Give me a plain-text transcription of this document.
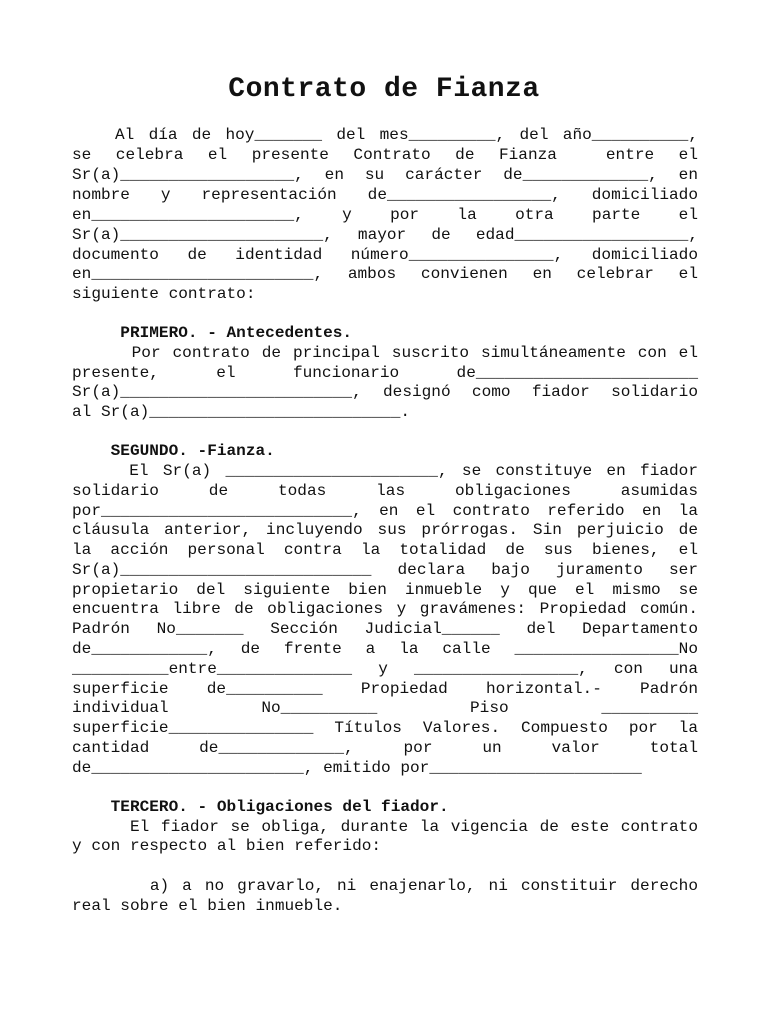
Contrato de Fianza

Al día de hoy_______ del mes_________, del año__________,

se celebra el presente Contrato de Fianza  entre el

Sr(a)__________________, en su carácter de_____________, en

nombre y representación de_________________, domiciliado

en_____________________, y por la otra parte el

Sr(a)_____________________, mayor de edad__________________,

documento de identidad número_______________, domiciliado

en_______________________, ambos convienen en celebrar el

siguiente contrato:

PRIMERO. - Antecedentes.

Por contrato de principal suscrito simultáneamente con el

presente, el funcionario de_______________________

Sr(a)________________________, designó como fiador solidario

al Sr(a)__________________________.

SEGUNDO. -Fianza.

El Sr(a) ______________________, se constituye en fiador

solidario de todas las obligaciones asumidas

por__________________________, en el contrato referido en la

cláusula anterior, incluyendo sus prórrogas. Sin perjuicio de

la acción personal contra la totalidad de sus bienes, el

Sr(a)__________________________ declara bajo juramento ser

propietario del siguiente bien inmueble y que el mismo se

encuentra libre de obligaciones y gravámenes: Propiedad común.

Padrón No_______ Sección Judicial______ del Departamento

de____________, de frente a la calle _________________No

__________entre______________ y _________________, con una

superficie de__________ Propiedad horizontal.- Padrón

individual No__________ Piso __________

superficie_______________ Títulos Valores. Compuesto por la

cantidad de_____________, por un valor total

de______________________, emitido por______________________

TERCERO. - Obligaciones del fiador.

El fiador se obliga, durante la vigencia de este contrato

y con respecto al bien referido:

a) a no gravarlo, ni enajenarlo, ni constituir derecho

real sobre el bien inmueble.
